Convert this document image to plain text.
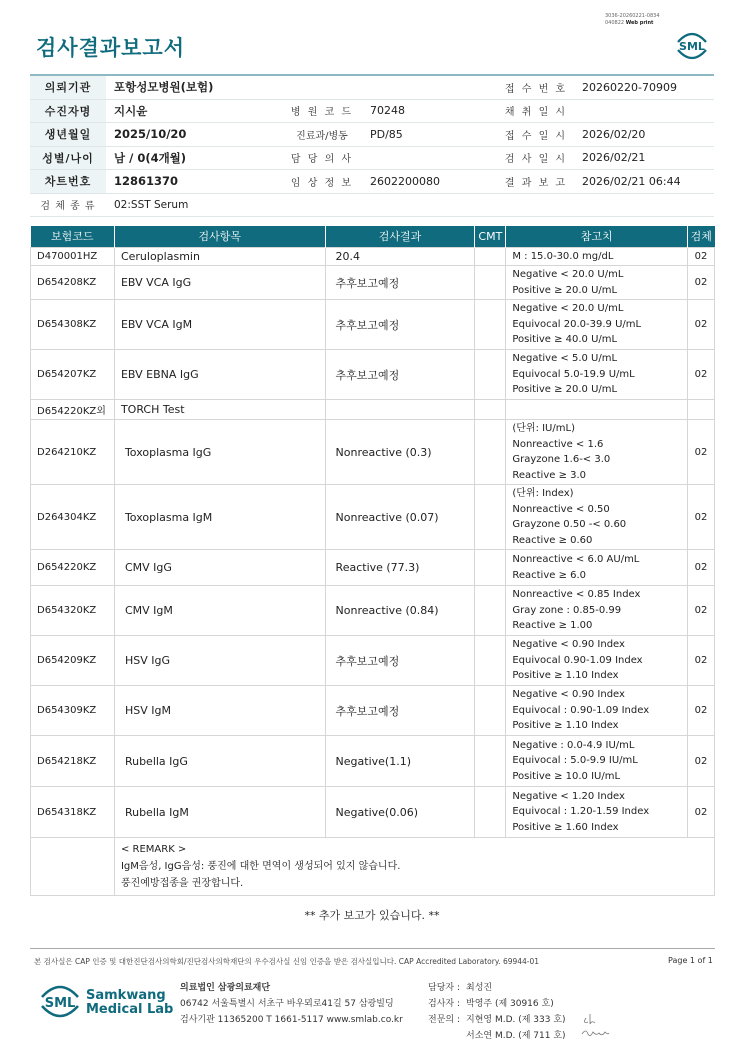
검사결과보고서
3036-20260221-0834
040822 Web print
SML
의뢰기관	포항성모병원(보험)	접 수 번 호	20260220-70909
수진자명	지시윤	병 원 코 드	70248	채 취 일 시
생년월일	2025/10/20	진료과/병동	PD/85	접 수 일 시	2026/02/20
성별/나이	남 / 0(4개월)	담 당 의 사	검 사 일 시	2026/02/21
차트번호	12861370	임 상 정 보	2602200080	결 과 보 고	2026/02/21 06:44
검 체 종 류	02:SST Serum
보험코드	검사항목	검사결과	CMT	참고치	검체
D470001HZ	Ceruloplasmin	20.4		M : 15.0-30.0 mg/dL	02
D654208KZ	EBV VCA IgG	추후보고예정		Negative < 20.0 U/mL
Positive ≥ 20.0 U/mL	02
D654308KZ	EBV VCA IgM	추후보고예정		Negative < 20.0 U/mL
Equivocal 20.0-39.9 U/mL
Positive ≥ 40.0 U/mL	02
D654207KZ	EBV EBNA IgG	추후보고예정		Negative < 5.0 U/mL
Equivocal 5.0-19.9 U/mL
Positive ≥ 20.0 U/mL	02
D654220KZ외	TORCH Test				
D264210KZ	Toxoplasma IgG	Nonreactive (0.3)		(단위: IU/mL)
Nonreactive < 1.6
Grayzone 1.6-< 3.0
Reactive ≥ 3.0	02
D264304KZ	Toxoplasma IgM	Nonreactive (0.07)		(단위: Index)
Nonreactive < 0.50
Grayzone 0.50 -< 0.60
Reactive ≥ 0.60	02
D654220KZ	CMV IgG	Reactive (77.3)		Nonreactive < 6.0 AU/mL
Reactive ≥ 6.0	02
D654320KZ	CMV IgM	Nonreactive (0.84)		Nonreactive < 0.85 Index
Gray zone : 0.85-0.99
Reactive ≥ 1.00	02
D654209KZ	HSV IgG	추후보고예정		Negative < 0.90 Index
Equivocal 0.90-1.09 Index
Positive ≥ 1.10 Index	02
D654309KZ	HSV IgM	추후보고예정		Negative < 0.90 Index
Equivocal : 0.90-1.09 Index
Positive ≥ 1.10 Index	02
D654218KZ	Rubella IgG	Negative(1.1)		Negative : 0.0-4.9 IU/mL
Equivocal : 5.0-9.9 IU/mL
Positive ≥ 10.0 IU/mL	02
D654318KZ	Rubella IgM	Negative(0.06)		Negative < 1.20 Index
Equivocal : 1.20-1.59 Index
Positive ≥ 1.60 Index	02

	< REMARK >
IgM음성, IgG음성: 풍진에 대한 면역이 생성되어 있지 않습니다.
풍진예방접종을 권장합니다.				
** 추가 보고가 있습니다. **
본 검사실은 CAP 인증 및 대한진단검사의학회/진단검사의학재단의 우수검사실 신임 인증을 받은 검사실입니다. CAP Accredited Laboratory. 69944-01	Page 1 of 1
SML
Samkwang
Medical Lab
의료법인 삼광의료재단
06742 서울특별시 서초구 바우뫼로41길 57 삼광빌딩
검사기관 11365200 T 1661-5117 www.smlab.co.kr
담당자 : 최성진
검사자 : 박영주 (제 30916 호)
전문의 : 지현영 M.D. (제 333 호)
서소연 M.D. (제 711 호)
